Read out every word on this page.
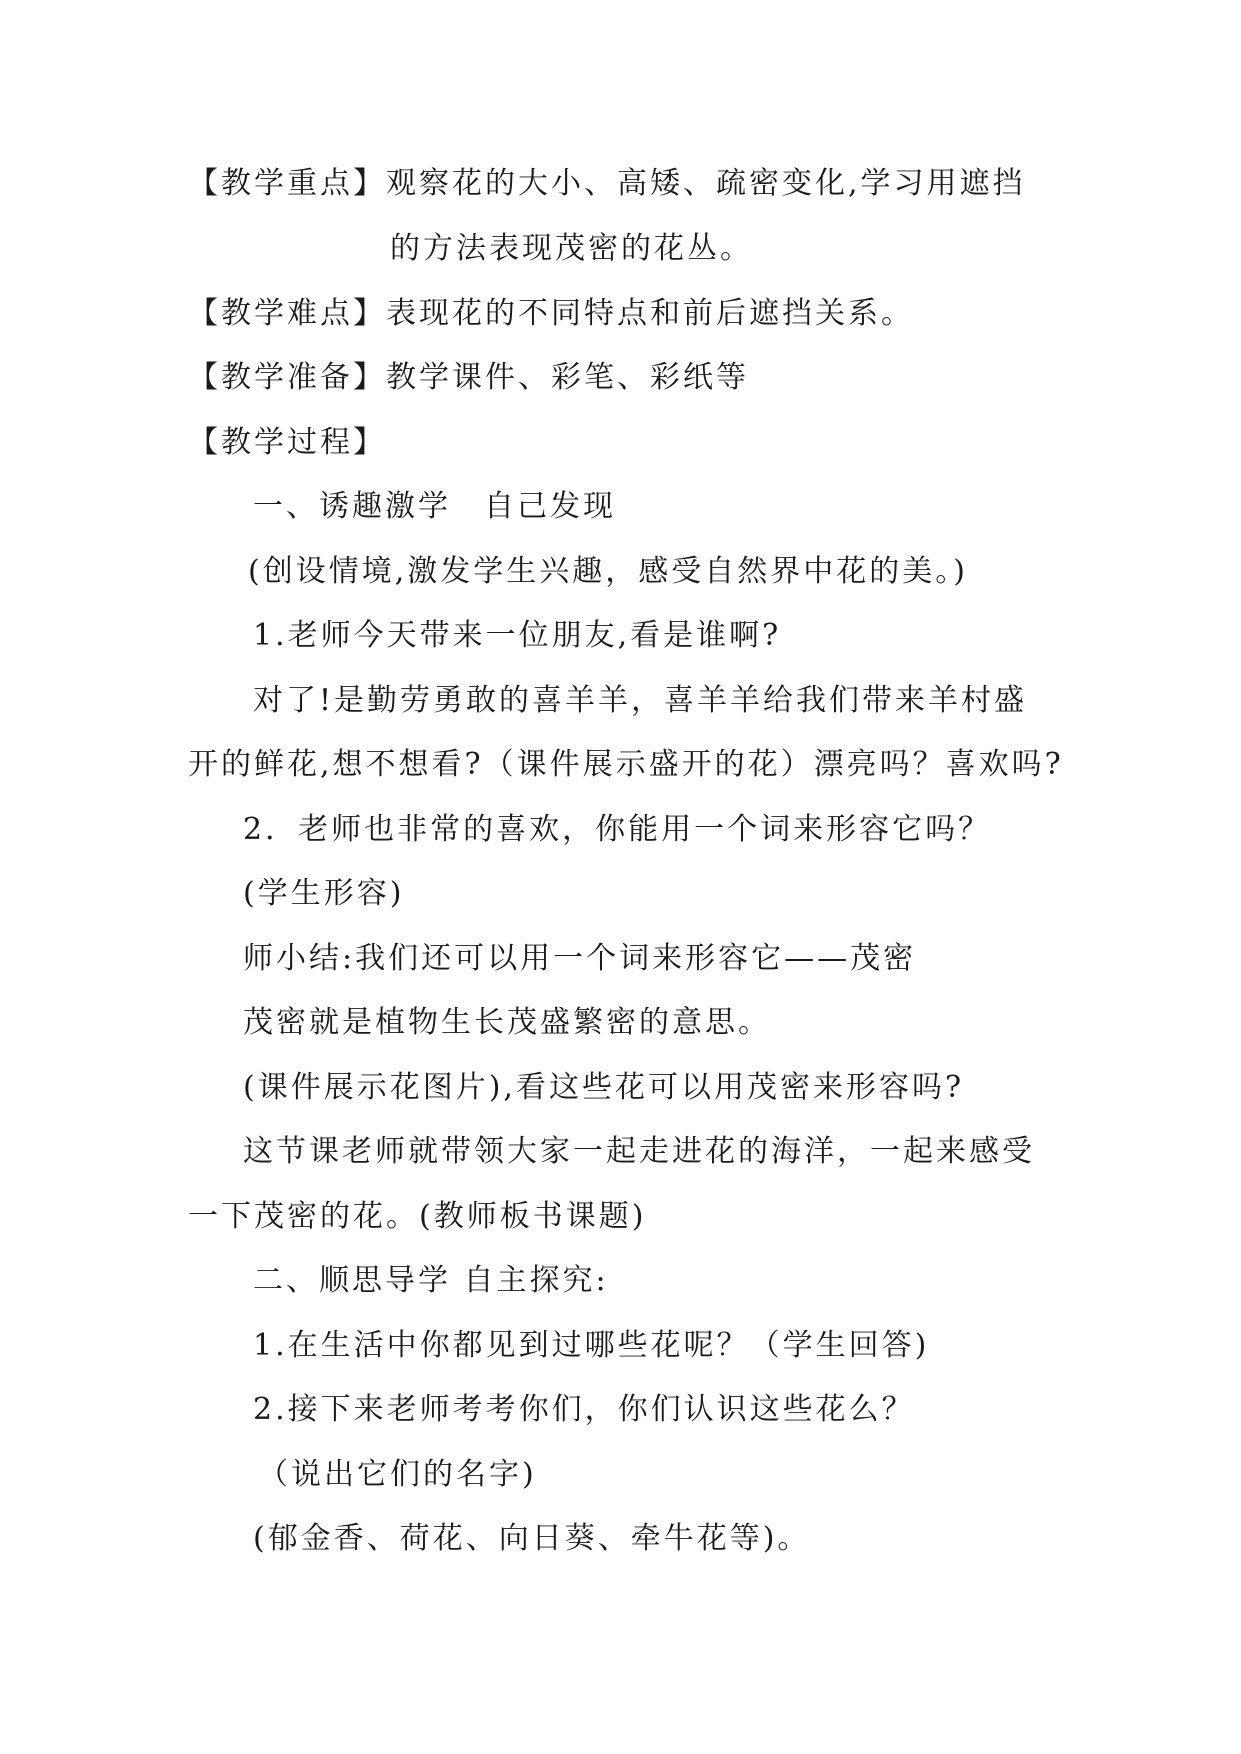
【教学重点】观察花的大小、高矮、疏密变化,学习用遮挡
的方法表现茂密的花丛。
【教学难点】表现花的不同特点和前后遮挡关系。
【教学准备】教学课件、彩笔、彩纸等
【教学过程】
一、诱趣激学　自己发现
(创设情境,激发学生兴趣，感受自然界中花的美。)
1.老师今天带来一位朋友,看是谁啊?
对了!是勤劳勇敢的喜羊羊，喜羊羊给我们带来羊村盛
开的鲜花,想不想看?（课件展示盛开的花）漂亮吗？喜欢吗?
2．老师也非常的喜欢，你能用一个词来形容它吗？
(学生形容)
师小结:我们还可以用一个词来形容它——茂密
茂密就是植物生长茂盛繁密的意思。
(课件展示花图片),看这些花可以用茂密来形容吗?
这节课老师就带领大家一起走进花的海洋，一起来感受
一下茂密的花。(教师板书课题)
二、顺思导学 自主探究:
1.在生活中你都见到过哪些花呢？（学生回答)
2.接下来老师考考你们，你们认识这些花么？
（说出它们的名字)
(郁金香、荷花、向日葵、牵牛花等)。
